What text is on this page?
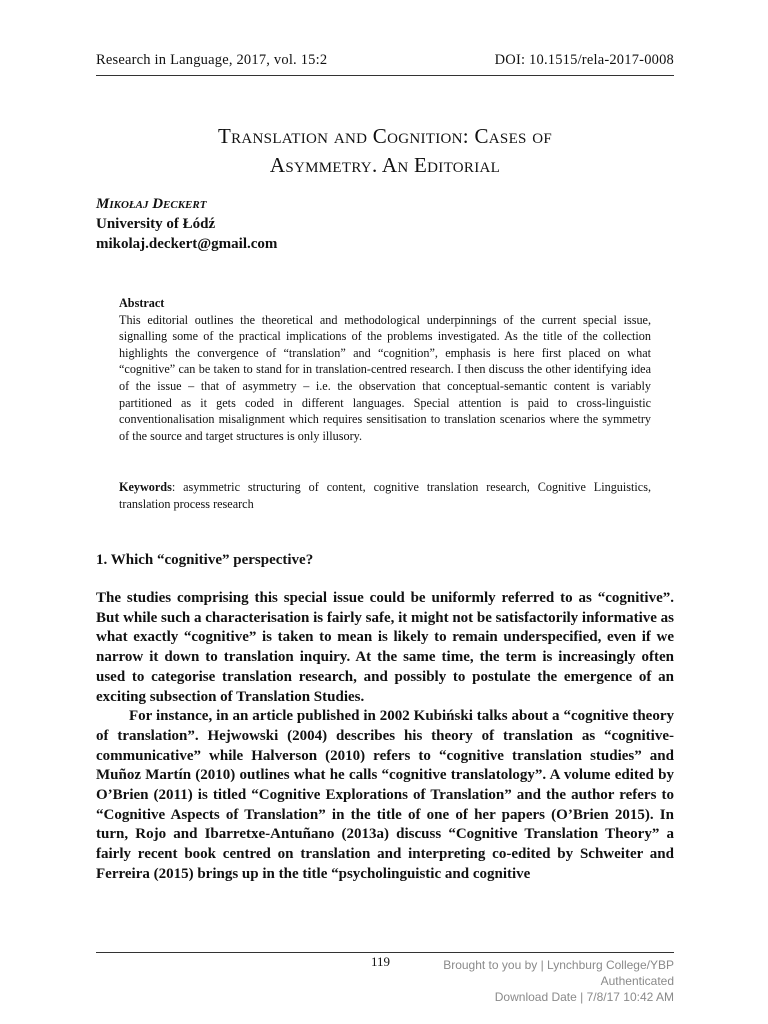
Research in Language, 2017, vol. 15:2	DOI: 10.1515/rela-2017-0008
Translation and Cognition: Cases of
Asymmetry. An Editorial
Mikołaj Deckert
University of Łódź
mikolaj.deckert@gmail.com
Abstract
This editorial outlines the theoretical and methodological underpinnings of the current special issue, signalling some of the practical implications of the problems investigated. As the title of the collection highlights the convergence of “translation” and “cognition”, emphasis is here first placed on what “cognitive” can be taken to stand for in translation-centred research. I then discuss the other identifying idea of the issue – that of asymmetry – i.e. the observation that conceptual-semantic content is variably partitioned as it gets coded in different languages. Special attention is paid to cross-linguistic conventionalisation misalignment which requires sensitisation to translation scenarios where the symmetry of the source and target structures is only illusory.
Keywords: asymmetric structuring of content, cognitive translation research, Cognitive Linguistics, translation process research
1. Which “cognitive” perspective?

The studies comprising this special issue could be uniformly referred to as “cognitive”. But while such a characterisation is fairly safe, it might not be satisfactorily informative as what exactly “cognitive” is taken to mean is likely to remain underspecified, even if we narrow it down to translation inquiry. At the same time, the term is increasingly often used to categorise translation research, and possibly to postulate the emergence of an exciting subsection of Translation Studies.

For instance, in an article published in 2002 Kubiński talks about a “cognitive theory of translation”. Hejwowski (2004) describes his theory of translation as “cognitive-communicative” while Halverson (2010) refers to “cognitive translation studies” and Muñoz Martín (2010) outlines what he calls “cognitive translatology”. A volume edited by O’Brien (2011) is titled “Cognitive Explorations of Translation” and the author refers to “Cognitive Aspects of Translation” in the title of one of her papers (O’Brien 2015). In turn, Rojo and Ibarretxe-Antuñano (2013a) discuss “Cognitive Translation Theory” a fairly recent book centred on translation and interpreting co-edited by Schweiter and Ferreira (2015) brings up in the title “psycholinguistic and cognitive

119	Brought to you by | Lynchburg College/YBP
Authenticated
Download Date | 7/8/17 10:42 AM
